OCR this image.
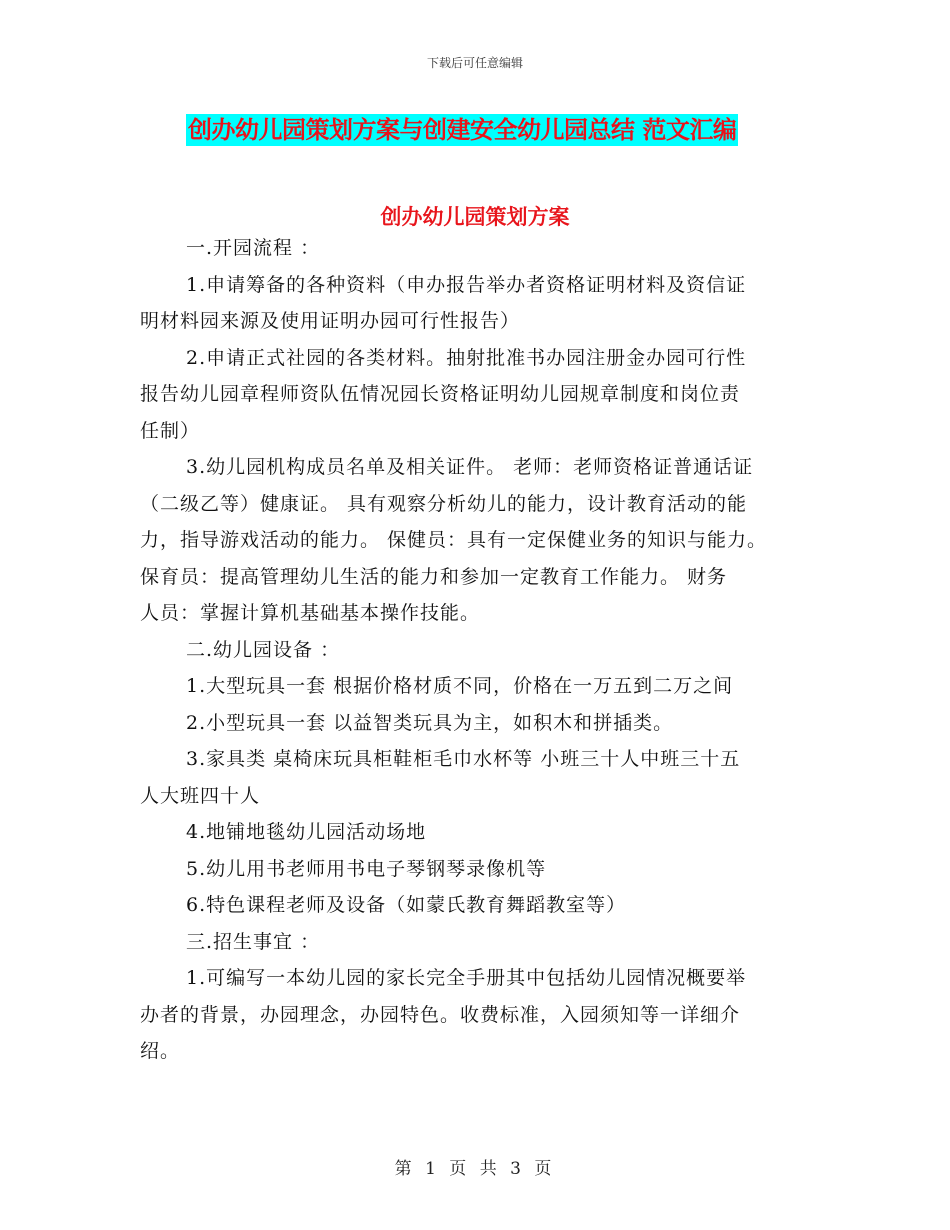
下载后可任意编辑
创办幼儿园策划方案与创建安全幼儿园总结 范文汇编
创办幼儿园策划方案
一.开园流程 ：
1.申请筹备的各种资料（申办报告举办者资格证明材料及资信证
明材料园来源及使用证明办园可行性报告）
2.申请正式社园的各类材料。抽射批准书办园注册金办园可行性
报告幼儿园章程师资队伍情况园长资格证明幼儿园规章制度和岗位责
任制）
3.幼儿园机构成员名单及相关证件。 老师：老师资格证普通话证
（二级乙等）健康证。 具有观察分析幼儿的能力，设计教育活动的能
力，指导游戏活动的能力。 保健员：具有一定保健业务的知识与能力。
保育员：提高管理幼儿生活的能力和参加一定教育工作能力。 财务
人员：掌握计算机基础基本操作技能。
二.幼儿园设备 ：
1.大型玩具一套 根据价格材质不同，价格在一万五到二万之间
2.小型玩具一套 以益智类玩具为主，如积木和拼插类。
3.家具类 桌椅床玩具柜鞋柜毛巾水杯等 小班三十人中班三十五
人大班四十人
4.地铺地毯幼儿园活动场地
5.幼儿用书老师用书电子琴钢琴录像机等
6.特色课程老师及设备（如蒙氏教育舞蹈教室等）
三.招生事宜 ：
1.可编写一本幼儿园的家长完全手册其中包括幼儿园情况概要举
办者的背景，办园理念，办园特色。收费标准，入园须知等一详细介
绍。
第 1 页 共 3 页
